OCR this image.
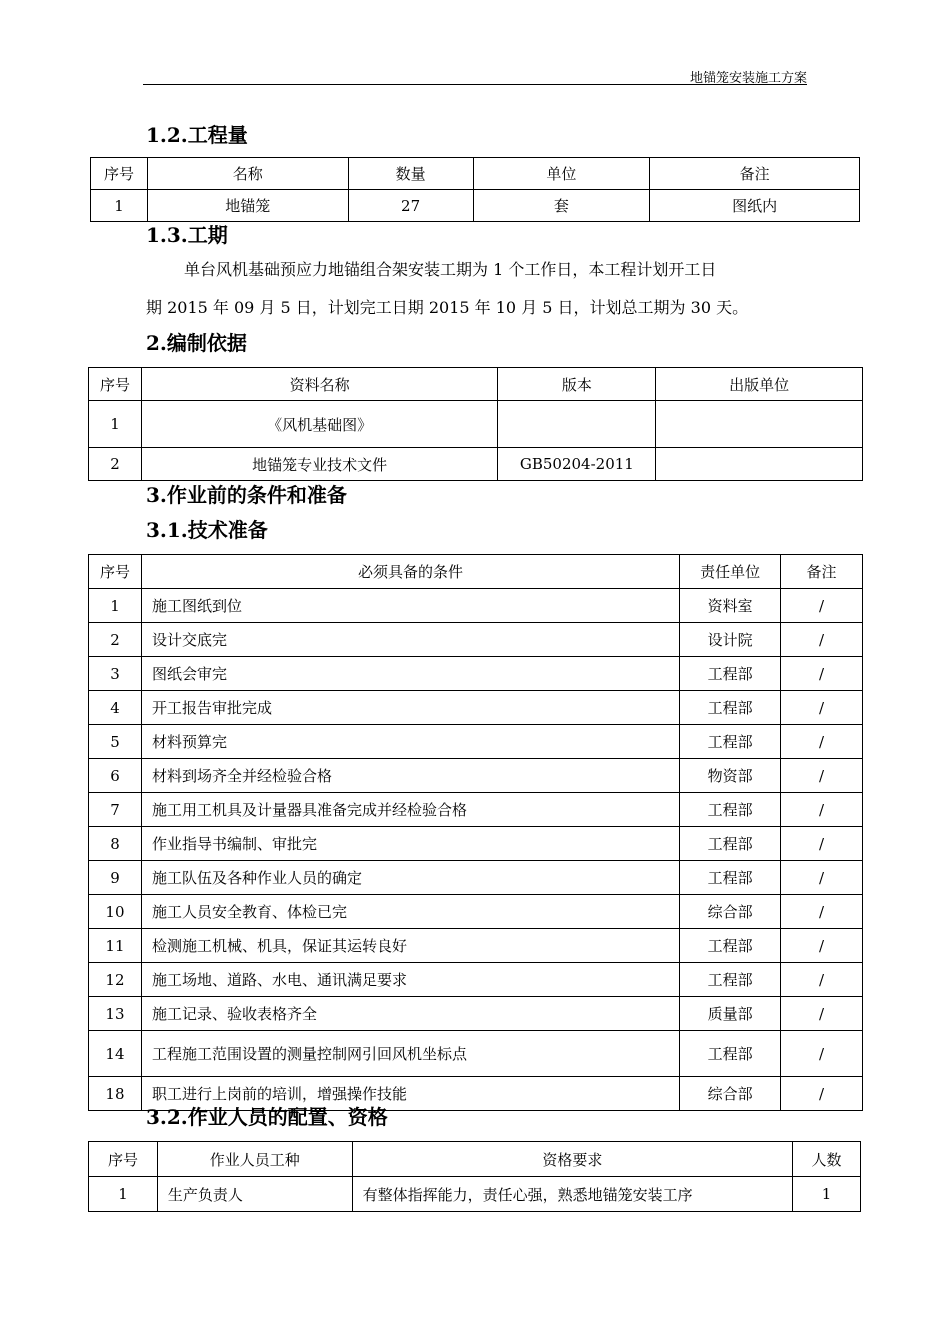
地锚笼安装施工方案
1.2.工程量
序号	名称	数量	单位	备注
1	地锚笼	27	套	图纸内
1.3.工期

单台风机基础预应力地锚组合架安装工期为 1 个工作日，本工程计划开工日

期 2015 年 09 月 5 日，计划完工日期 2015 年 10 月 5 日，计划总工期为 30 天。

2.编制依据
序号	资料名称	版本	出版单位
1	《风机基础图》		
2	地锚笼专业技术文件	GB50204-2011	
3.作业前的条件和准备
3.1.技术准备
序号	必须具备的条件	责任单位	备注
1	施工图纸到位	资料室	/
2	设计交底完	设计院	/
3	图纸会审完	工程部	/
4	开工报告审批完成	工程部	/
5	材料预算完	工程部	/
6	材料到场齐全并经检验合格	物资部	/
7	施工用工机具及计量器具准备完成并经检验合格	工程部	/
8	作业指导书编制、审批完	工程部	/
9	施工队伍及各种作业人员的确定	工程部	/
10	施工人员安全教育、体检已完	综合部	/
11	检测施工机械、机具，保证其运转良好	工程部	/
12	施工场地、道路、水电、通讯满足要求	工程部	/
13	施工记录、验收表格齐全	质量部	/
14	工程施工范围设置的测量控制网引回风机坐标点	工程部	/
18	职工进行上岗前的培训，增强操作技能	综合部	/
3.2.作业人员的配置、资格
序号	作业人员工种	资格要求	人数
1	生产负责人	有整体指挥能力，责任心强，熟悉地锚笼安装工序	1
